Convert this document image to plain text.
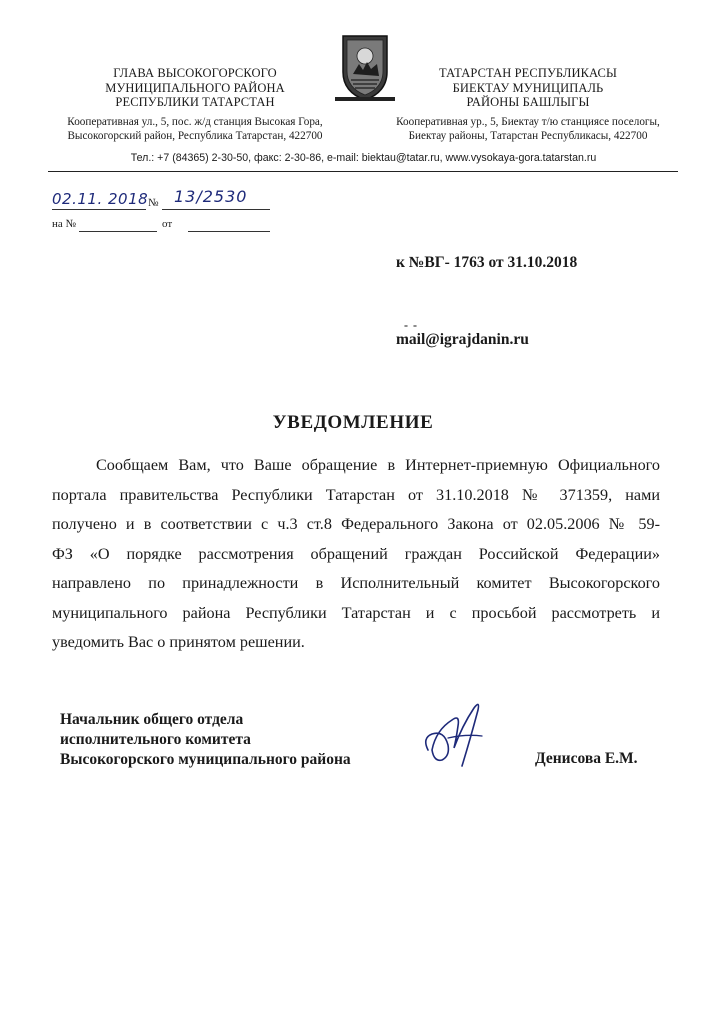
ГЛАВА ВЫСОКОГОРСКОГО
МУНИЦИПАЛЬНОГО РАЙОНА
РЕСПУБЛИКИ ТАТАРСТАН
Кооперативная ул., 5, пос. ж/д станция Высокая Гора,
Высокогорский район, Республика Татарстан, 422700
ТАТАРСТАН РЕСПУБЛИКАСЫ
БИЕКТАУ МУНИЦИПАЛЬ
РАЙОНЫ БАШЛЫГЫ
Кооперативная ур., 5, Биектау т/ю станциясе поселогы,
Биектау районы, Татарстан Республикасы, 422700
Тел.: +7 (84365) 2-30-50, факс: 2-30-86, e-mail: biektau@tatar.ru, www.vysokaya-gora.tatarstan.ru
02.11. 2018 № 13/2530
на №	от
к №ВГ- 1763 от 31.10.2018
- -
mail@igrajdanin.ru
УВЕДОМЛЕНИЕ

Сообщаем Вам, что Ваше обращение в Интернет-приемную Официального

портала правительства Республики Татарстан от 31.10.2018 № 371359, нами

получено и в соответствии с ч.3 ст.8 Федерального Закона от 02.05.2006 № 59-

ФЗ «О порядке рассмотрения обращений граждан Российской Федерации»

направлено по принадлежности в Исполнительный комитет Высокогорского

муниципального района Республики Татарстан и с просьбой рассмотреть и

уведомить Вас о принятом решении.

Начальник общего отдела
исполнительного комитета
Высокогорского муниципального района	Денисова Е.М.
